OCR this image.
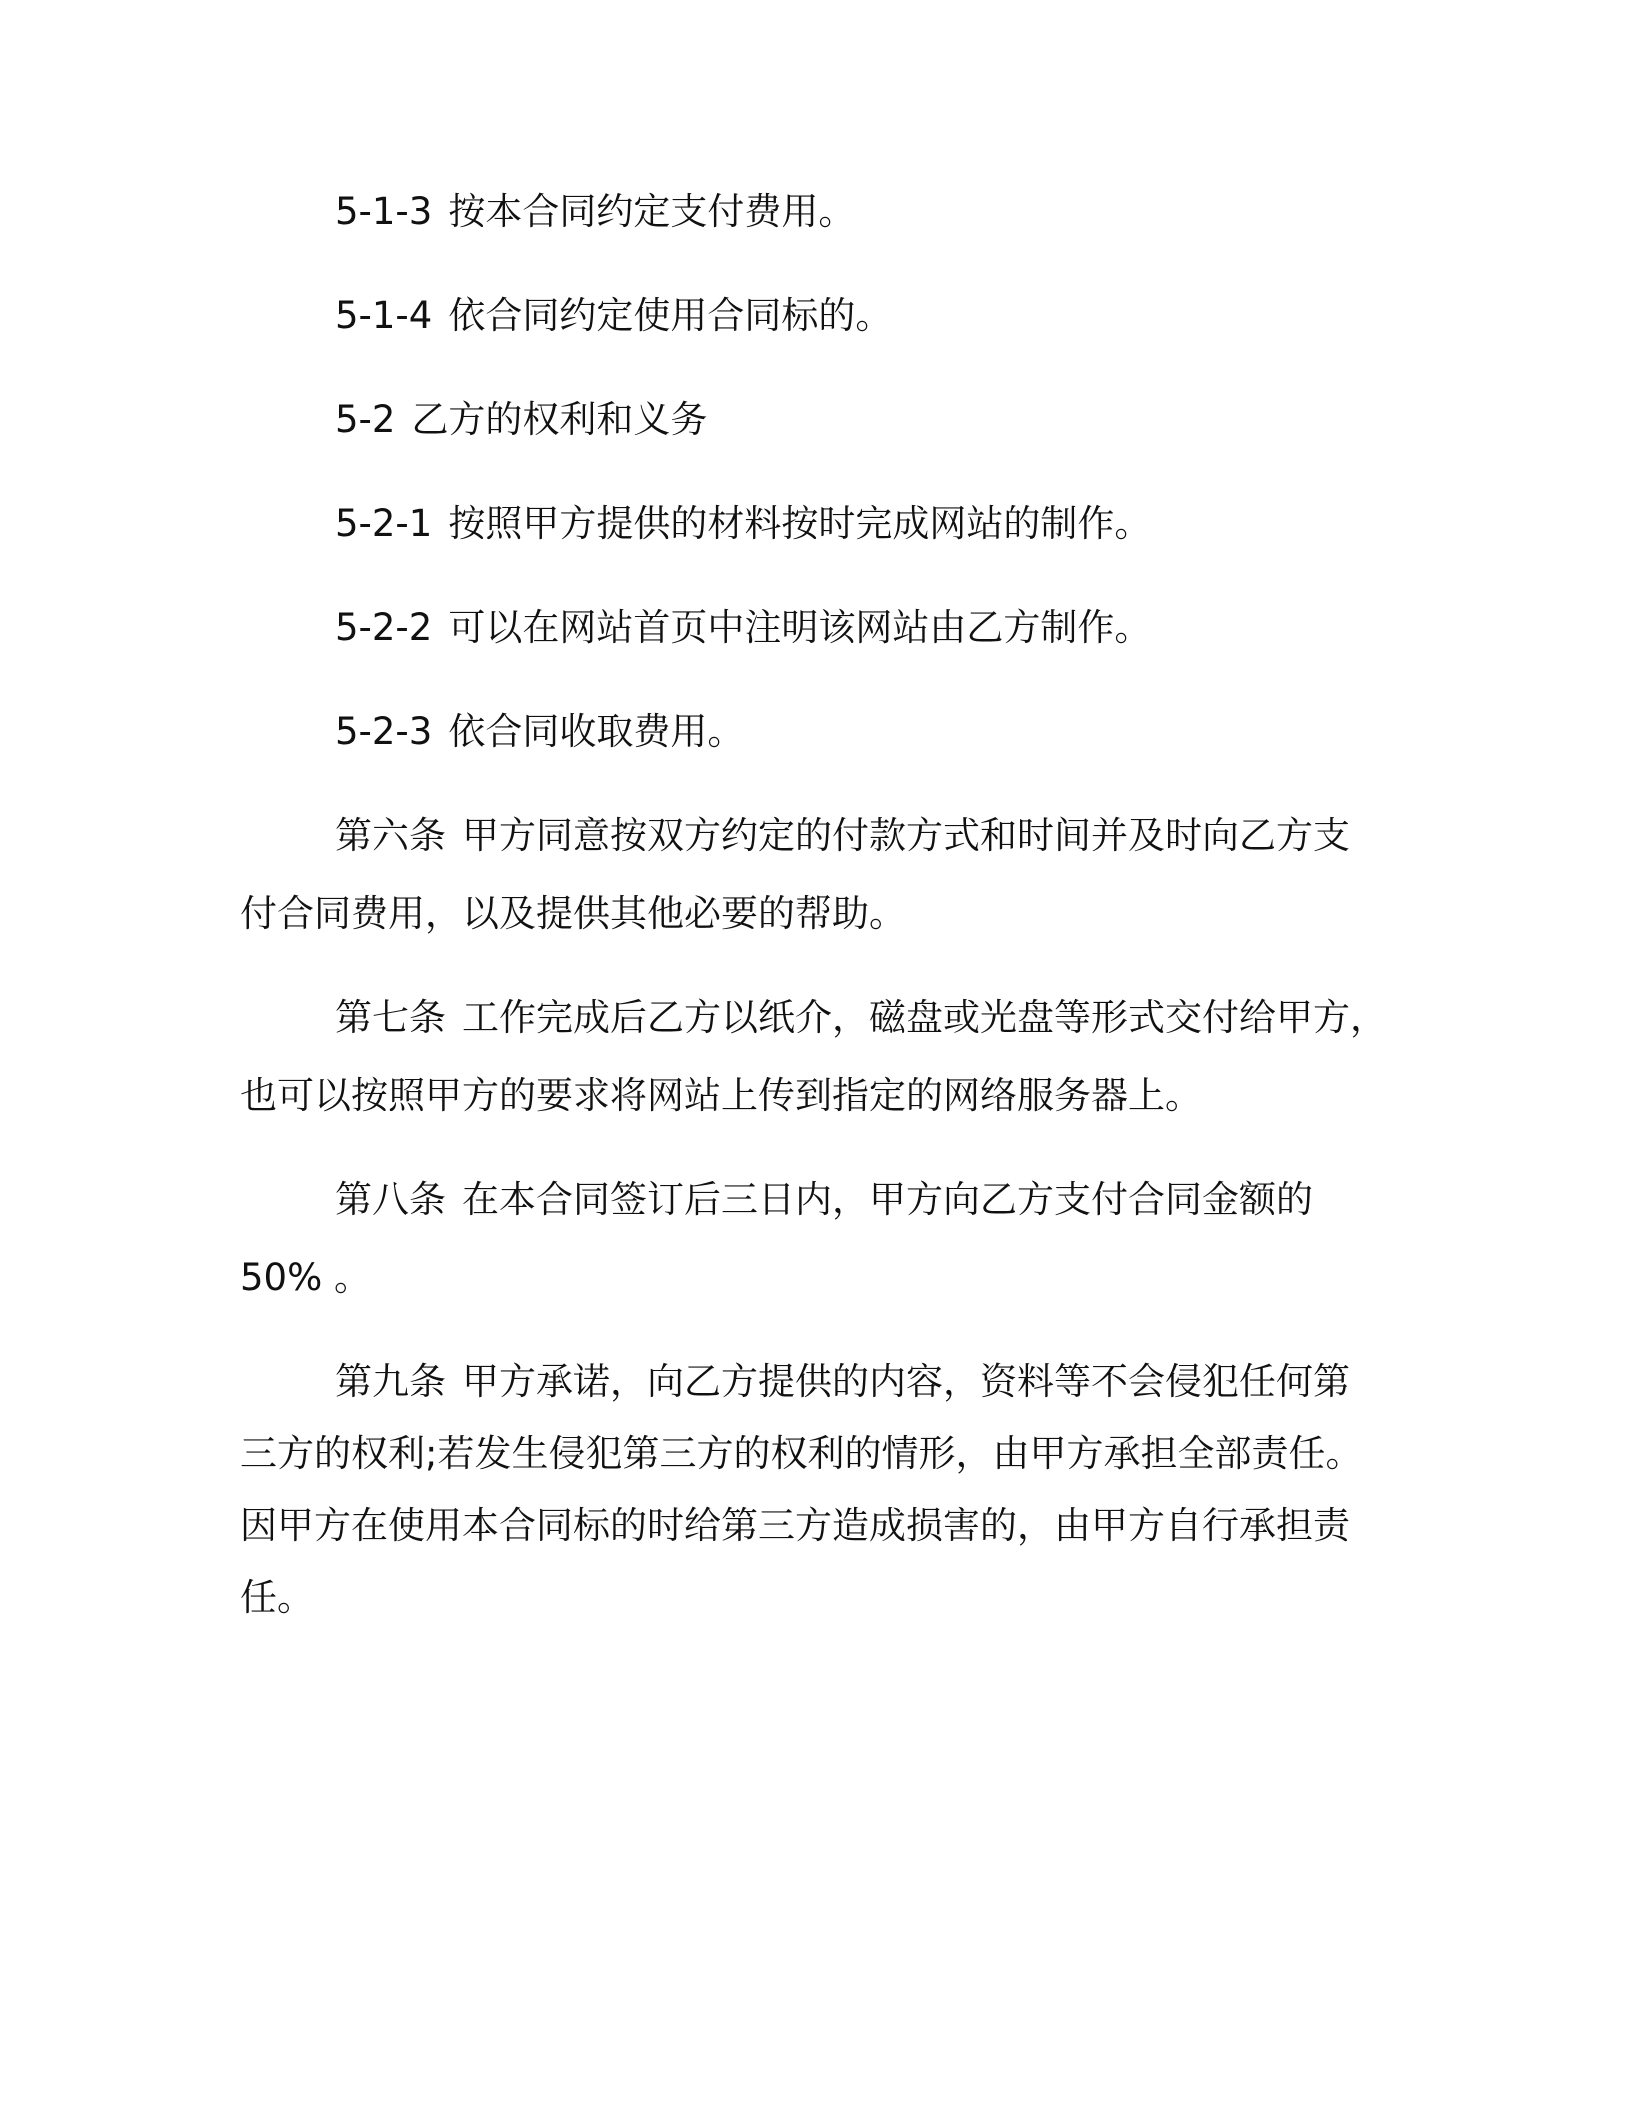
5-1-3 按本合同约定支付费用。

5-1-4 依合同约定使用合同标的。

5-2 乙方的权利和义务

5-2-1 按照甲方提供的材料按时完成网站的制作。

5-2-2 可以在网站首页中注明该网站由乙方制作。

5-2-3 依合同收取费用。

第六条 甲方同意按双方约定的付款方式和时间并及时向乙方支

付合同费用，以及提供其他必要的帮助。

第七条 工作完成后乙方以纸介，磁盘或光盘等形式交付给甲方，

也可以按照甲方的要求将网站上传到指定的网络服务器上。

第八条 在本合同签订后三日内，甲方向乙方支付合同金额的

50% 。

第九条 甲方承诺，向乙方提供的内容，资料等不会侵犯任何第

三方的权利;若发生侵犯第三方的权利的情形，由甲方承担全部责任。

因甲方在使用本合同标的时给第三方造成损害的，由甲方自行承担责

任。
